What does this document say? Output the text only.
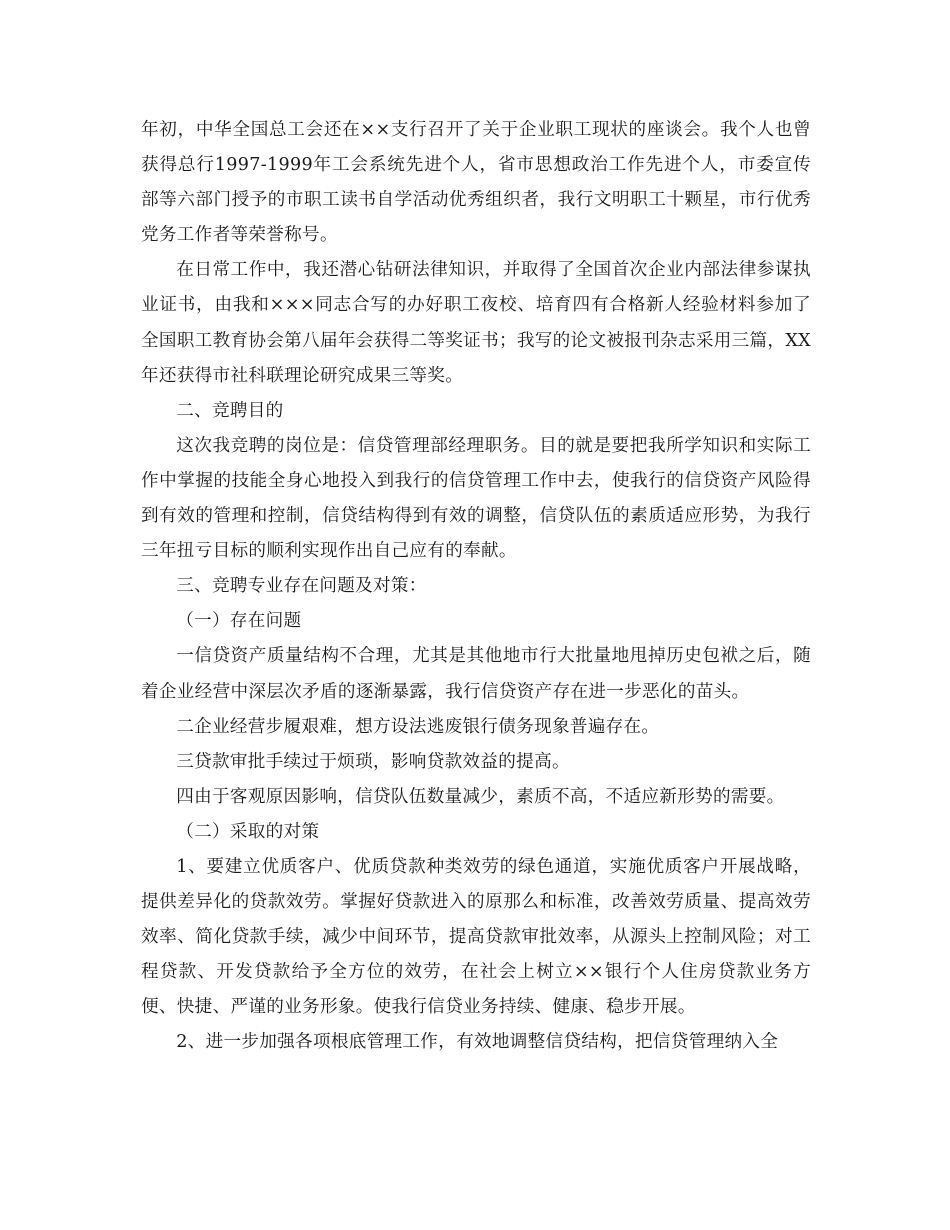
年初，中华全国总工会还在××支行召开了关于企业职工现状的座谈会。我个人也曾获得总行1997-1999年工会系统先进个人，省市思想政治工作先进个人，市委宣传部等六部门授予的市职工读书自学活动优秀组织者，我行文明职工十颗星，市行优秀党务工作者等荣誉称号。

在日常工作中，我还潜心钻研法律知识，并取得了全国首次企业内部法律参谋执业证书，由我和×××同志合写的办好职工夜校、培育四有合格新人经验材料参加了全国职工教育协会第八届年会获得二等奖证书；我写的论文被报刊杂志采用三篇，XX年还获得市社科联理论研究成果三等奖。

二、竞聘目的

这次我竞聘的岗位是：信贷管理部经理职务。目的就是要把我所学知识和实际工作中掌握的技能全身心地投入到我行的信贷管理工作中去，使我行的信贷资产风险得到有效的管理和控制，信贷结构得到有效的调整，信贷队伍的素质适应形势，为我行三年扭亏目标的顺利实现作出自己应有的奉献。

三、竞聘专业存在问题及对策：

（一）存在问题

一信贷资产质量结构不合理，尤其是其他地市行大批量地甩掉历史包袱之后，随着企业经营中深层次矛盾的逐渐暴露，我行信贷资产存在进一步恶化的苗头。

二企业经营步履艰难，想方设法逃废银行债务现象普遍存在。

三贷款审批手续过于烦琐，影响贷款效益的提高。

四由于客观原因影响，信贷队伍数量减少，素质不高，不适应新形势的需要。

（二）采取的对策

1、要建立优质客户、优质贷款种类效劳的绿色通道，实施优质客户开展战略，提供差异化的贷款效劳。掌握好贷款进入的原那么和标准，改善效劳质量、提高效劳效率、简化贷款手续，减少中间环节，提高贷款审批效率，从源头上控制风险；对工程贷款、开发贷款给予全方位的效劳，在社会上树立××银行个人住房贷款业务方便、快捷、严谨的业务形象。使我行信贷业务持续、健康、稳步开展。

2、进一步加强各项根底管理工作，有效地调整信贷结构，把信贷管理纳入全
